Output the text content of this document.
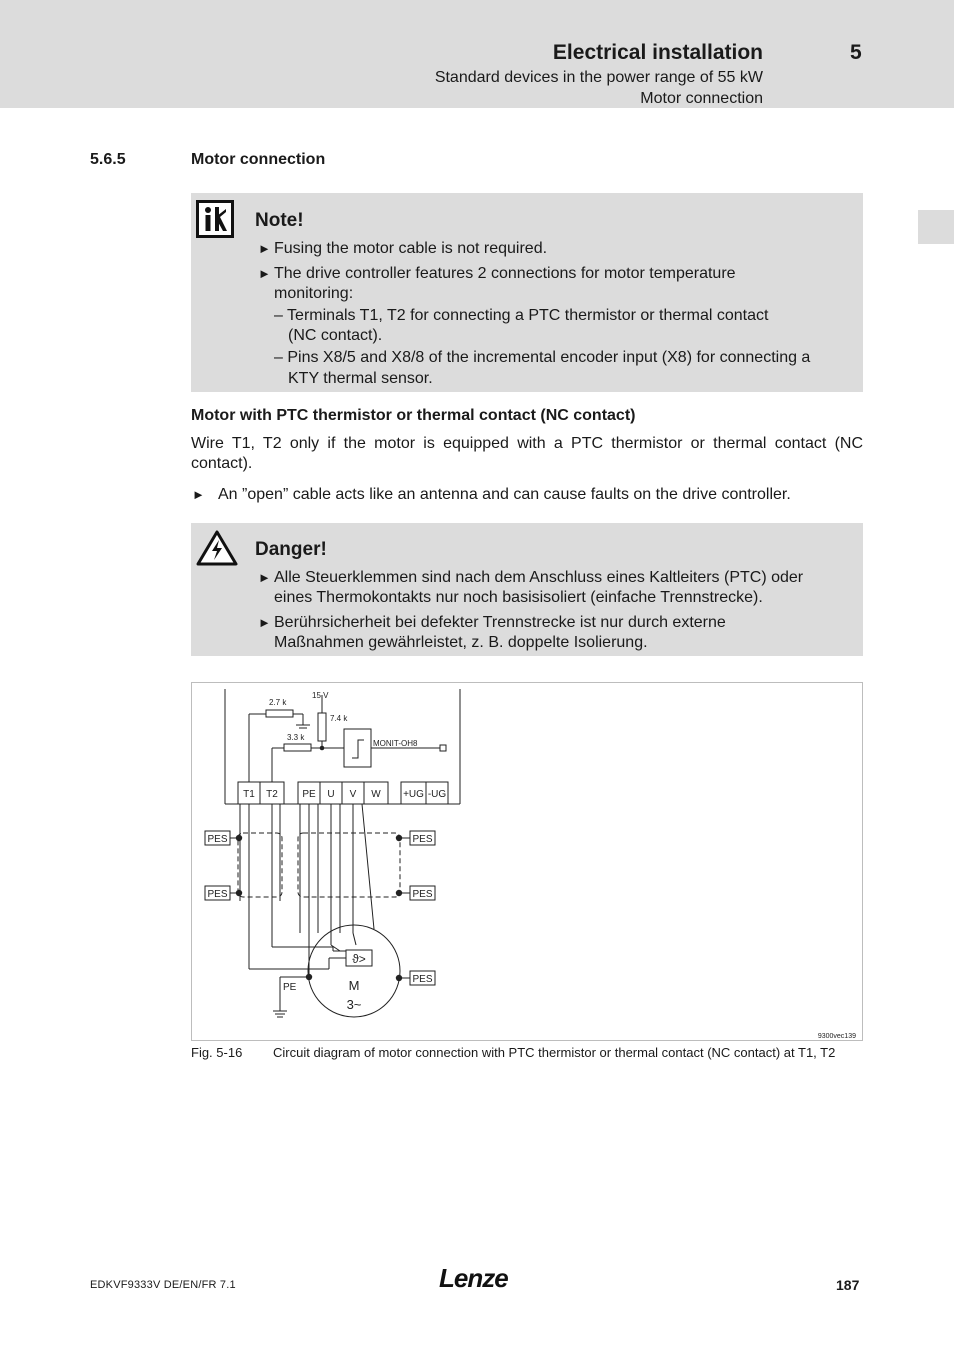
Electrical installation	5
Standard devices in the power range of 55 kW
Motor connection
5.6.5	Motor connection
Note!
► Fusing the motor cable is not required.
► The drive controller features 2 connections for motor temperature
monitoring:
– Terminals T1, T2 for connecting a PTC thermistor or thermal contact
(NC contact).
– Pins X8/5 and X8/8 of the incremental encoder input (X8) for connecting a
KTY thermal sensor.
Motor with PTC thermistor or thermal contact (NC contact)
Wire T1, T2 only if the motor is equipped with a PTC thermistor or thermal contact (NC contact).
► An ”open” cable acts like an antenna and can cause faults on the drive controller.
Danger!
► Alle Steuerklemmen sind nach dem Anschluss eines Kaltleiters (PTC) oder
eines Thermokontakts nur noch basisisoliert (einfache Trennstrecke).
► Berührsicherheit bei defekter Trennstrecke ist nur durch externe
Maßnahmen gewährleistet, z. B. doppelte Isolierung.
2.7 k
3.3 k
7.4 k
15 V
MONIT-OH8
T1 T2 PE U V W +UG -UG
PES
PES
PES
PES
PES
PE
ϑ>
M
3~
9300vec139
Fig. 5-16 Circuit diagram of motor connection with PTC thermistor or thermal contact (NC contact) at T1, T2
EDKVF9333V DE/EN/FR 7.1	Lenze	187
